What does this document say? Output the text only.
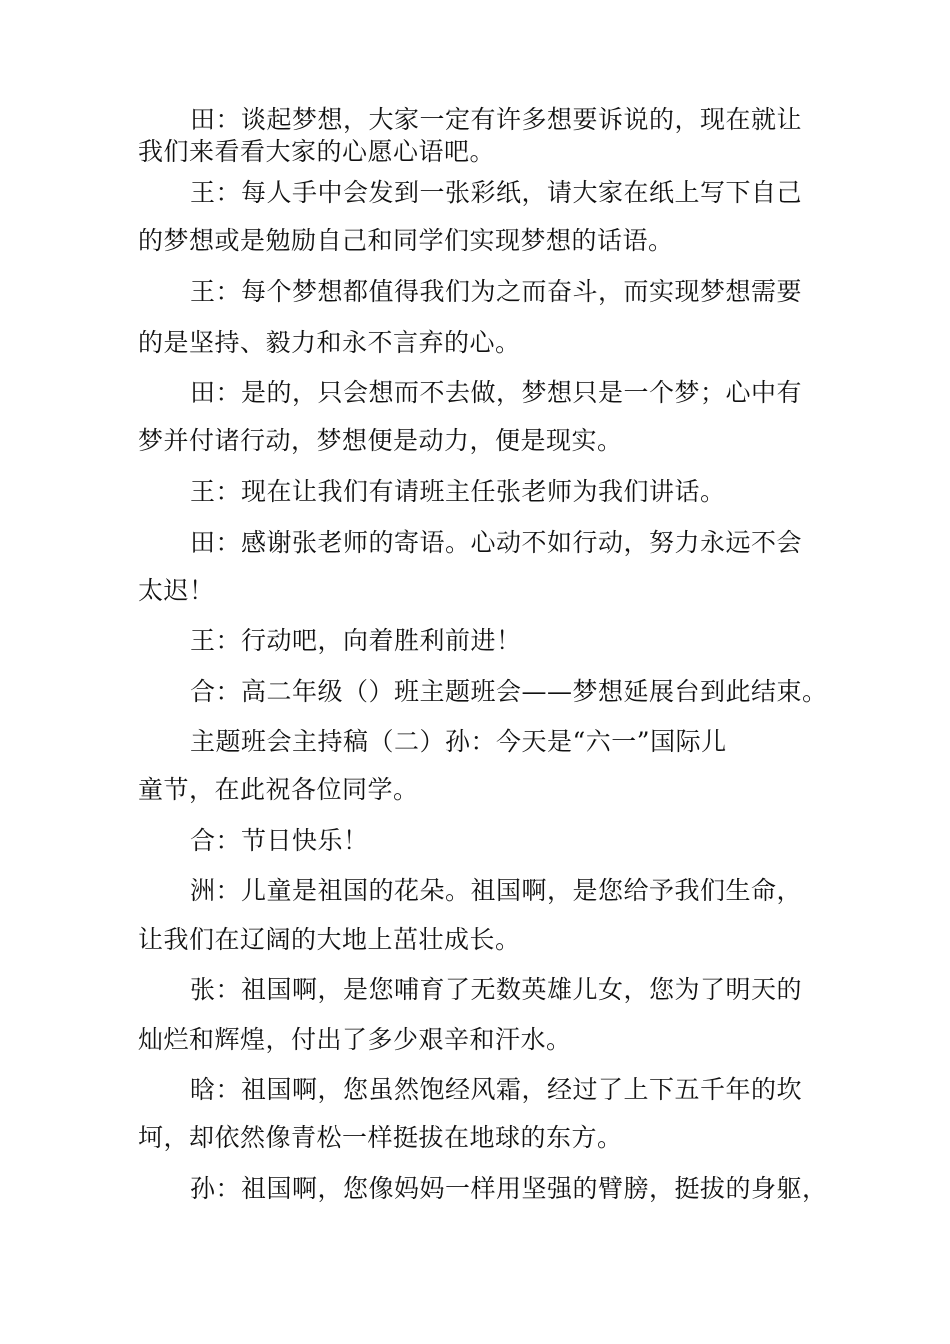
田：谈起梦想，大家一定有许多想要诉说的，现在就让

我们来看看大家的心愿心语吧。

王：每人手中会发到一张彩纸，请大家在纸上写下自己

的梦想或是勉励自己和同学们实现梦想的话语。

王：每个梦想都值得我们为之而奋斗，而实现梦想需要

的是坚持、毅力和永不言弃的心。

田：是的，只会想而不去做，梦想只是一个梦；心中有

梦并付诸行动，梦想便是动力，便是现实。

王：现在让我们有请班主任张老师为我们讲话。

田：感谢张老师的寄语。心动不如行动，努力永远不会

太迟！

王：行动吧，向着胜利前进！

合：高二年级（）班主题班会——梦想延展台到此结束。

主题班会主持稿（二）孙：今天是“六一”国际儿

童节，在此祝各位同学。

合：节日快乐！

洲：儿童是祖国的花朵。祖国啊，是您给予我们生命，

让我们在辽阔的大地上茁壮成长。

张：祖国啊，是您哺育了无数英雄儿女，您为了明天的

灿烂和辉煌，付出了多少艰辛和汗水。

晗：祖国啊，您虽然饱经风霜，经过了上下五千年的坎

坷，却依然像青松一样挺拔在地球的东方。

孙：祖国啊，您像妈妈一样用坚强的臂膀，挺拔的身躯，
